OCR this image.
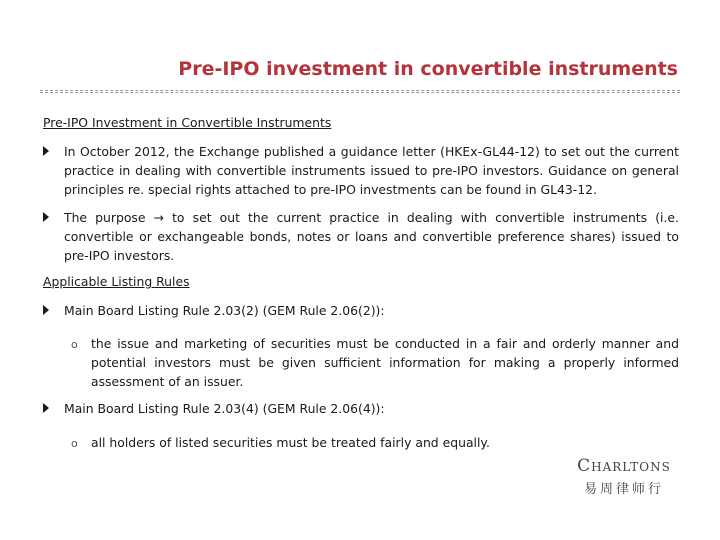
Pre-IPO investment in convertible instruments
Pre-IPO Investment in Convertible Instruments
In October 2012, the Exchange published a guidance letter (HKEx-GL44-12) to set out the current practice in dealing with convertible instruments issued to pre-IPO investors. Guidance on general principles re. special rights attached to pre-IPO investments can be found in GL43-12.
The purpose → to set out the current practice in dealing with convertible instruments (i.e. convertible or exchangeable bonds, notes or loans and convertible preference shares) issued to pre-IPO investors.
Applicable Listing Rules
Main Board Listing Rule 2.03(2) (GEM Rule 2.06(2)):
o	the issue and marketing of securities must be conducted in a fair and orderly manner and potential investors must be given sufficient information for making a properly informed assessment of an issuer.
Main Board Listing Rule 2.03(4) (GEM Rule 2.06(4)):
o	all holders of listed securities must be treated fairly and equally.
Charltons
易周律师行
